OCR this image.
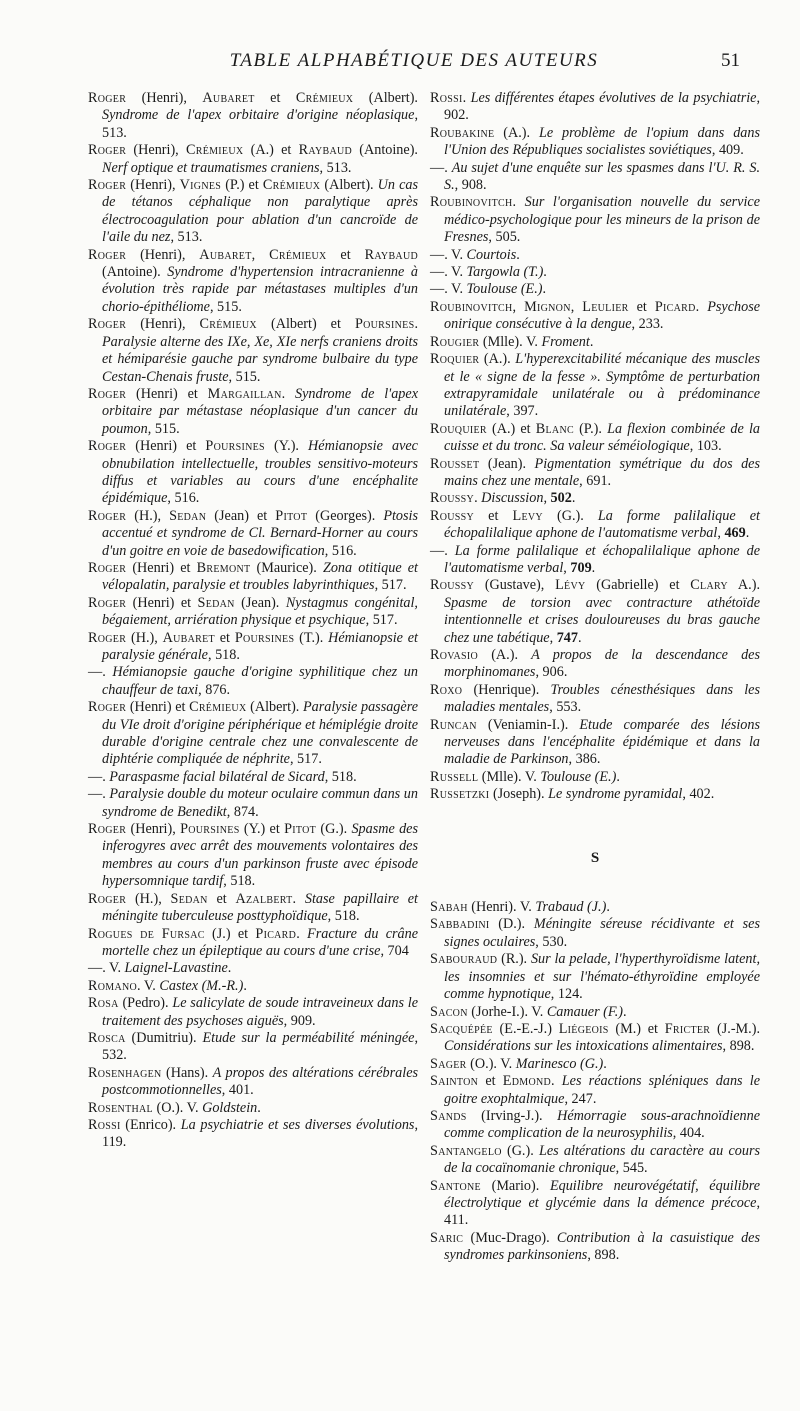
TABLE ALPHABÉTIQUE DES AUTEURS	51

Roger (Henri), Aubaret et Crémieux (Albert). Syndrome de l'apex orbitaire d'origine néoplasique, 513.

Roger (Henri), Crémieux (A.) et Raybaud (Antoine). Nerf optique et traumatismes craniens, 513.

Roger (Henri), Vignes (P.) et Crémieux (Albert). Un cas de tétanos céphalique non paralytique après électrocoagulation pour ablation d'un cancroïde de l'aile du nez, 513.

Roger (Henri), Aubaret, Crémieux et Raybaud (Antoine). Syndrome d'hypertension intracranienne à évolution très rapide par métastases multiples d'un chorio-épithéliome, 515.

Roger (Henri), Crémieux (Albert) et Poursines. Paralysie alterne des IXe, Xe, XIe nerfs craniens droits et hémiparésie gauche par syndrome bulbaire du type Cestan-Chenais fruste, 515.

Roger (Henri) et Margaillan. Syndrome de l'apex orbitaire par métastase néoplasique d'un cancer du poumon, 515.

Roger (Henri) et Poursines (Y.). Hémianopsie avec obnubilation intellectuelle, troubles sensitivo-moteurs diffus et variables au cours d'une encéphalite épidémique, 516.

Roger (H.), Sedan (Jean) et Pitot (Georges). Ptosis accentué et syndrome de Cl. Bernard-Horner au cours d'un goitre en voie de basedowification, 516.

Roger (Henri) et Bremont (Maurice). Zona otitique et vélopalatin, paralysie et troubles labyrinthiques, 517.

Roger (Henri) et Sedan (Jean). Nystagmus congénital, bégaiement, arriération physique et psychique, 517.

Roger (H.), Aubaret et Poursines (T.). Hémianopsie et paralysie générale, 518.

—. Hémianopsie gauche d'origine syphilitique chez un chauffeur de taxi, 876.

Roger (Henri) et Crémieux (Albert). Paralysie passagère du VIe droit d'origine périphérique et hémiplégie droite durable d'origine centrale chez une convalescente de diphtérie compliquée de néphrite, 517.

—. Paraspasme facial bilatéral de Sicard, 518.

—. Paralysie double du moteur oculaire commun dans un syndrome de Benedikt, 874.

Roger (Henri), Poursines (Y.) et Pitot (G.). Spasme des inferogyres avec arrêt des mouvements volontaires des membres au cours d'un parkinson fruste avec épisode hypersomnique tardif, 518.

Roger (H.), Sedan et Azalbert. Stase papillaire et méningite tuberculeuse posttyphoïdique, 518.

Rogues de Fursac (J.) et Picard. Fracture du crâne mortelle chez un épileptique au cours d'une crise, 704

—. V. Laignel-Lavastine.

Romano. V. Castex (M.-R.).

Rosa (Pedro). Le salicylate de soude intraveineux dans le traitement des psychoses aiguës, 909.

Rosca (Dumitriu). Etude sur la perméabilité méningée, 532.

Rosenhagen (Hans). A propos des altérations cérébrales postcommotionnelles, 401.

Rosenthal (O.). V. Goldstein.

Rossi (Enrico). La psychiatrie et ses diverses évolutions, 119.

Rossi. Les différentes étapes évolutives de la psychiatrie, 902.

Roubakine (A.). Le problème de l'opium dans dans l'Union des Républiques socialistes soviétiques, 409.

—. Au sujet d'une enquête sur les spasmes dans l'U. R. S. S., 908.

Roubinovitch. Sur l'organisation nouvelle du service médico-psychologique pour les mineurs de la prison de Fresnes, 505.

—. V. Courtois.

—. V. Targowla (T.).

—. V. Toulouse (E.).

Roubinovitch, Mignon, Leulier et Picard. Psychose onirique consécutive à la dengue, 233.

Rougier (Mlle). V. Froment.

Roquier (A.). L'hyperexcitabilité mécanique des muscles et le « signe de la fesse ». Symptôme de perturbation extrapyramidale unilatérale ou à prédominance unilatérale, 397.

Rouquier (A.) et Blanc (P.). La flexion combinée de la cuisse et du tronc. Sa valeur séméiologique, 103.

Rousset (Jean). Pigmentation symétrique du dos des mains chez une mentale, 691.

Roussy. Discussion, 502.

Roussy et Levy (G.). La forme palilalique et échopalilalique aphone de l'automatisme verbal, 469.

—. La forme palilalique et échopalilalique aphone de l'automatisme verbal, 709.

Roussy (Gustave), Lévy (Gabrielle) et Clary A.). Spasme de torsion avec contracture athétoïde intentionnelle et crises douloureuses du bras gauche chez une tabétique, 747.

Rovasio (A.). A propos de la descendance des morphinomanes, 906.

Roxo (Henrique). Troubles cénesthésiques dans les maladies mentales, 553.

Runcan (Veniamin-I.). Etude comparée des lésions nerveuses dans l'encéphalite épidémique et dans la maladie de Parkinson, 386.

Russell (Mlle). V. Toulouse (E.).

Russetzki (Joseph). Le syndrome pyramidal, 402.

S

Sabah (Henri). V. Trabaud (J.).

Sabbadini (D.). Méningite séreuse récidivante et ses signes oculaires, 530.

Sabouraud (R.). Sur la pelade, l'hyperthyroïdisme latent, les insomnies et sur l'hémato-éthyroïdine employée comme hypnotique, 124.

Sacon (Jorhe-I.). V. Camauer (F.).

Sacquépée (E.-E.-J.) Liégeois (M.) et Fricter (J.-M.). Considérations sur les intoxications alimentaires, 898.

Sager (O.). V. Marinesco (G.).

Sainton et Edmond. Les réactions spléniques dans le goitre exophtalmique, 247.

Sands (Irving-J.). Hémorragie sous-arachnoïdienne comme complication de la neurosyphilis, 404.

Santangelo (G.). Les altérations du caractère au cours de la cocaïnomanie chronique, 545.

Santone (Mario). Equilibre neurovégétatif, équilibre électrolytique et glycémie dans la démence précoce, 411.

Saric (Muc-Drago). Contribution à la casuistique des syndromes parkinsoniens, 898.
